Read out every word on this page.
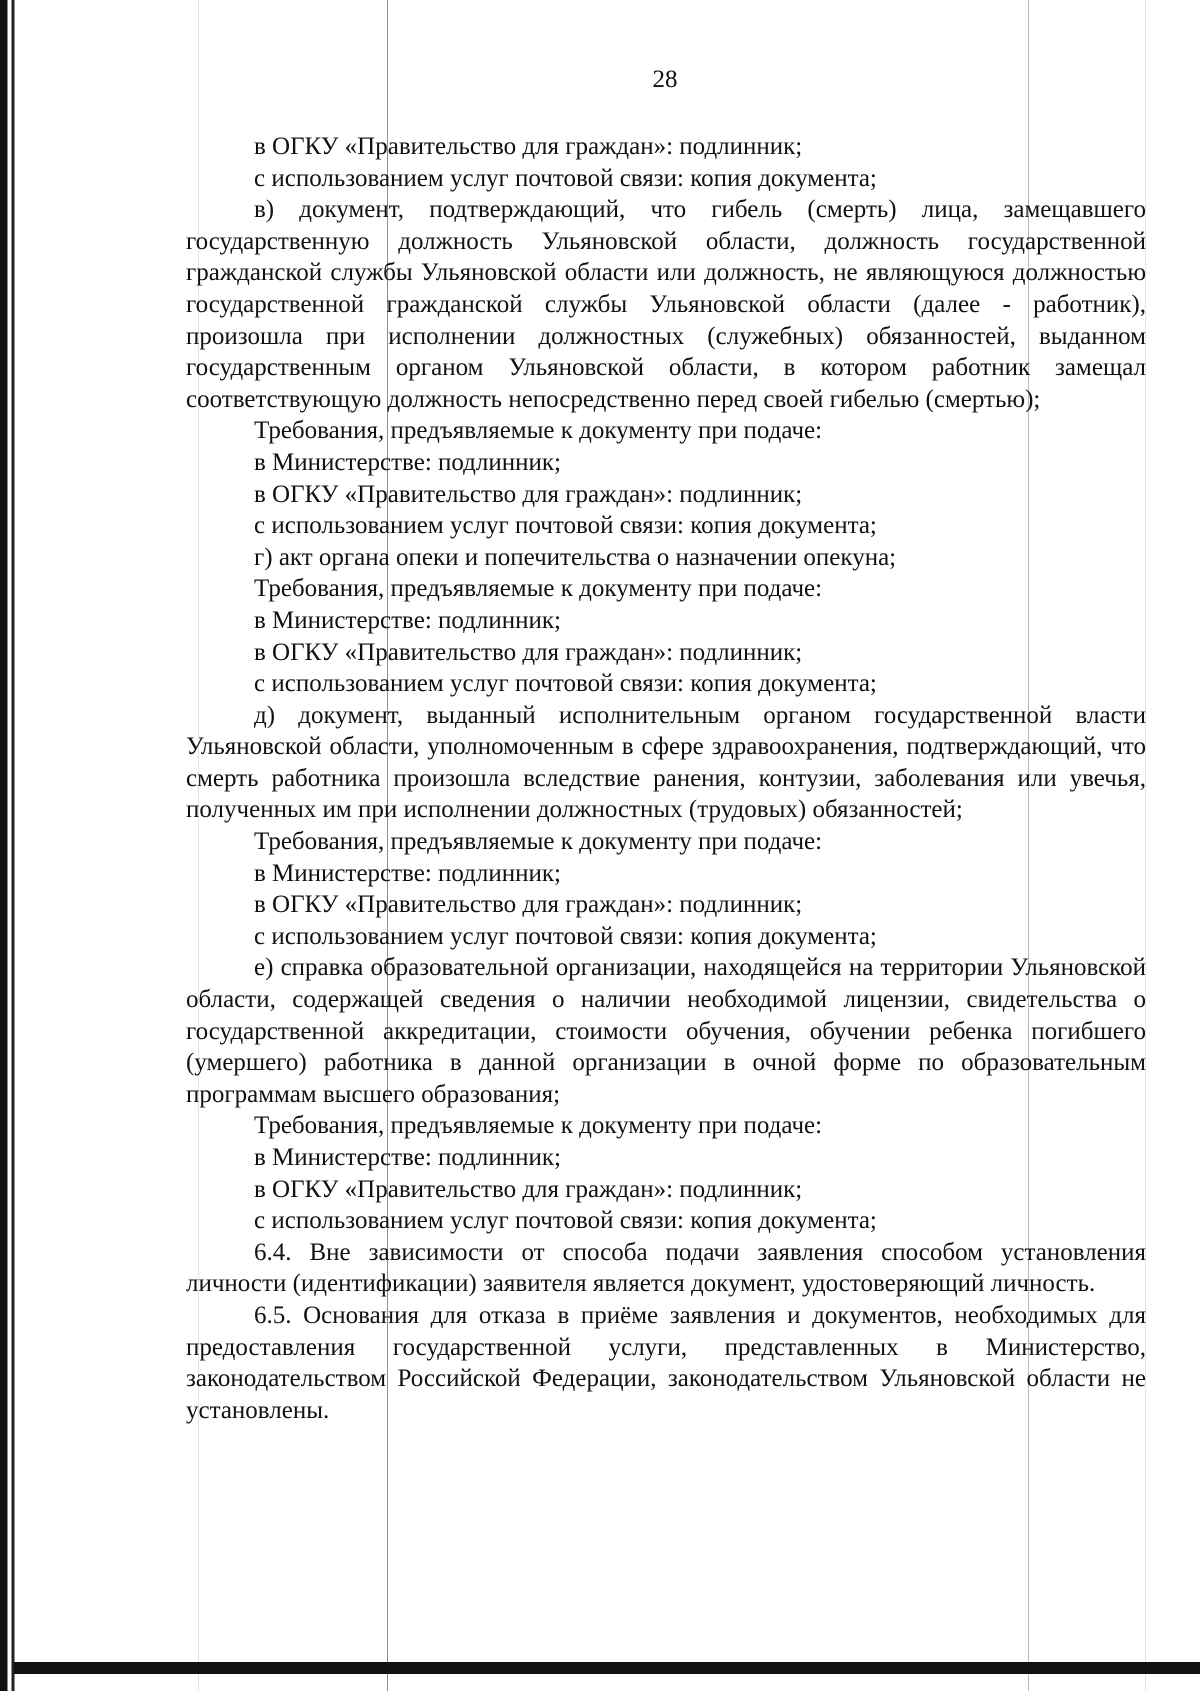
28

в ОГКУ «Правительство для граждан»: подлинник;

с использованием услуг почтовой связи: копия документа;

в) документ, подтверждающий, что гибель (смерть) лица, замещавшего государственную должность Ульяновской области, должность государственной гражданской службы Ульяновской области или должность, не являющуюся должностью государственной гражданской службы Ульяновской области (далее - работник), произошла при исполнении должностных (служебных) обязанностей, выданном государственным органом Ульяновской области, в котором работник замещал соответствующую должность непосредственно перед своей гибелью (смертью);

Требования, предъявляемые к документу при подаче:

в Министерстве: подлинник;

в ОГКУ «Правительство для граждан»: подлинник;

с использованием услуг почтовой связи: копия документа;

г) акт органа опеки и попечительства о назначении опекуна;

Требования, предъявляемые к документу при подаче:

в Министерстве: подлинник;

в ОГКУ «Правительство для граждан»: подлинник;

с использованием услуг почтовой связи: копия документа;

д) документ, выданный исполнительным органом государственной власти Ульяновской области, уполномоченным в сфере здравоохранения, подтверждающий, что смерть работника произошла вследствие ранения, контузии, заболевания или увечья, полученных им при исполнении должностных (трудовых) обязанностей;

Требования, предъявляемые к документу при подаче:

в Министерстве: подлинник;

в ОГКУ «Правительство для граждан»: подлинник;

с использованием услуг почтовой связи: копия документа;

е) справка образовательной организации, находящейся на территории Ульяновской области, содержащей сведения о наличии необходимой лицензии, свидетельства о государственной аккредитации, стоимости обучения, обучении ребенка погибшего (умершего) работника в данной организации в очной форме по образовательным программам высшего образования;

Требования, предъявляемые к документу при подаче:

в Министерстве: подлинник;

в ОГКУ «Правительство для граждан»: подлинник;

с использованием услуг почтовой связи: копия документа;

6.4. Вне зависимости от способа подачи заявления способом установления личности (идентификации) заявителя является документ, удостоверяющий личность.

6.5. Основания для отказа в приёме заявления и документов, необходимых для предоставления государственной услуги, представленных в Министерство, законодательством Российской Федерации, законодательством Ульяновской области не установлены.
